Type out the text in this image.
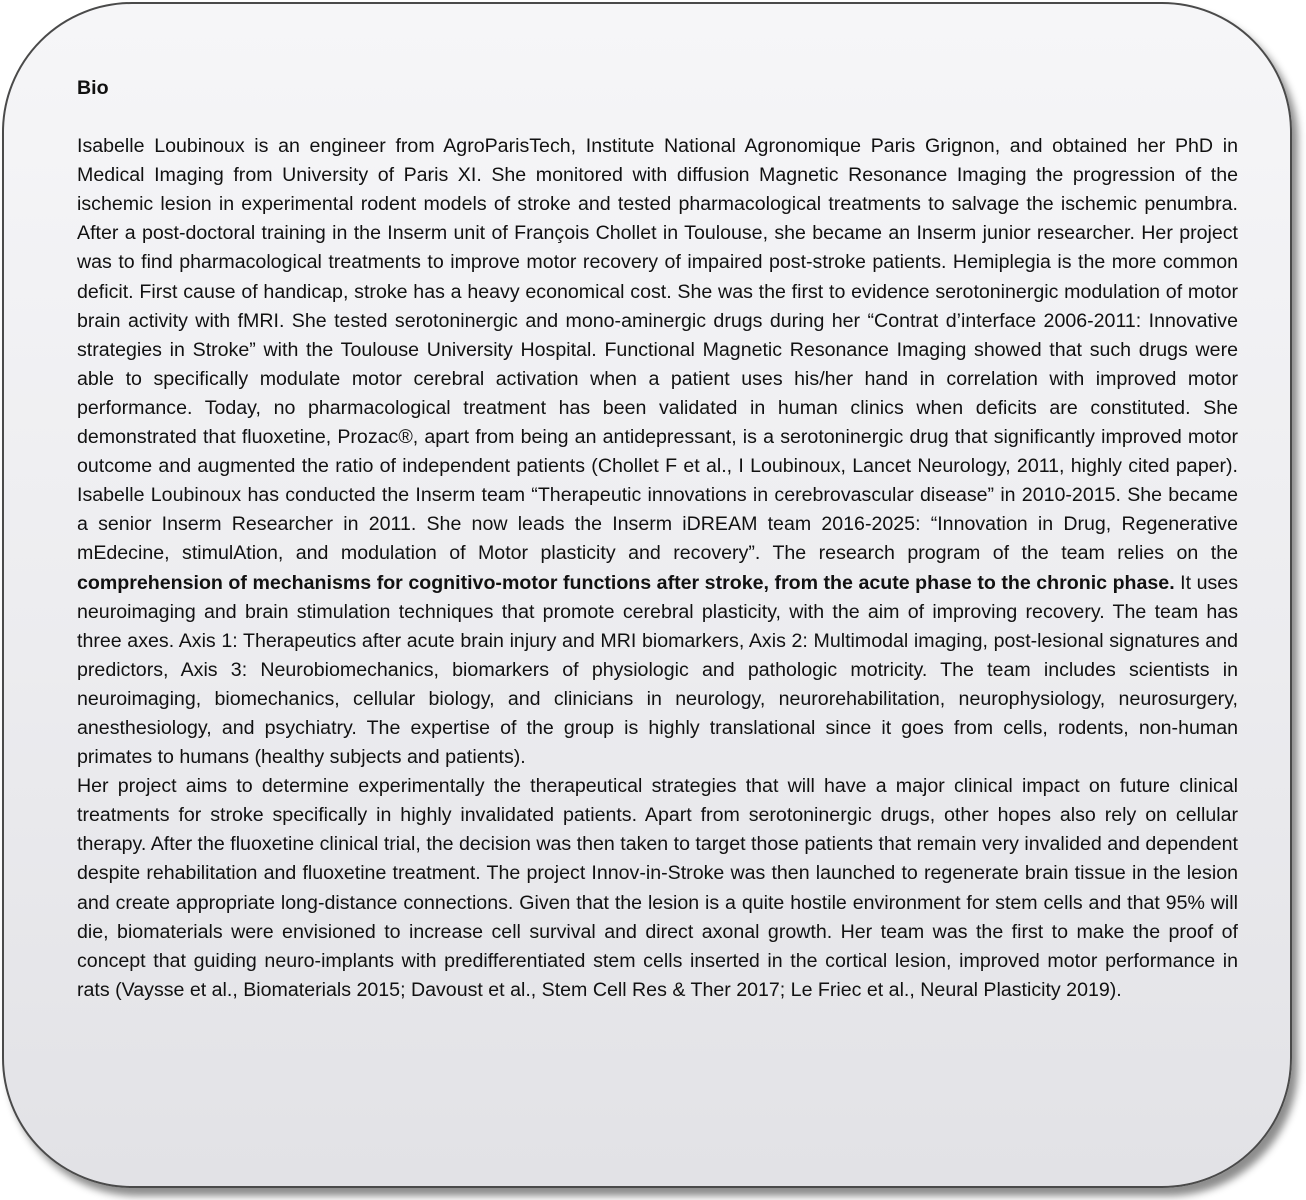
Bio

Isabelle Loubinoux is an engineer from AgroParisTech, Institute National Agronomique Paris Grignon, and obtained her PhD in Medical Imaging from University of Paris XI. She monitored with diffusion Magnetic Resonance Imaging the progression of the ischemic lesion in experimental rodent models of stroke and tested pharmacological treatments to salvage the ischemic penumbra. After a post-doctoral training in the Inserm unit of François Chollet in Toulouse, she became an Inserm junior researcher. Her project was to find pharmacological treatments to improve motor recovery of impaired post-stroke patients. Hemiplegia is the more common deficit. First cause of handicap, stroke has a heavy economical cost. She was the first to evidence serotoninergic modulation of motor brain activity with fMRI. She tested serotoninergic and mono-aminergic drugs during her “Contrat d’interface 2006-2011: Innovative strategies in Stroke” with the Toulouse University Hospital. Functional Magnetic Resonance Imaging showed that such drugs were able to specifically modulate motor cerebral activation when a patient uses his/her hand in correlation with improved motor performance. Today, no pharmacological treatment has been validated in human clinics when deficits are constituted. She demonstrated that fluoxetine, Prozac®, apart from being an antidepressant, is a serotoninergic drug that significantly improved motor outcome and augmented the ratio of independent patients (Chollet F et al., I Loubinoux, Lancet Neurology, 2011, highly cited paper). Isabelle Loubinoux has conducted the Inserm team “Therapeutic innovations in cerebrovascular disease” in 2010-2015. She became a senior Inserm Researcher in 2011. She now leads the Inserm iDREAM team 2016-2025: “Innovation in Drug, Regenerative mEdecine, stimulAtion, and modulation of Motor plasticity and recovery”. The research program of the team relies on the comprehension of mechanisms for cognitivo-motor functions after stroke, from the acute phase to the chronic phase. It uses neuroimaging and brain stimulation techniques that promote cerebral plasticity, with the aim of improving recovery. The team has three axes. Axis 1: Therapeutics after acute brain injury and MRI biomarkers, Axis 2: Multimodal imaging, post-lesional signatures and predictors, Axis 3: Neurobiomechanics, biomarkers of physiologic and pathologic motricity. The team includes scientists in neuroimaging, biomechanics, cellular biology, and clinicians in neurology, neurorehabilitation, neurophysiology, neurosurgery, anesthesiology, and psychiatry. The expertise of the group is highly translational since it goes from cells, rodents, non-human primates to humans (healthy subjects and patients).

Her project aims to determine experimentally the therapeutical strategies that will have a major clinical impact on future clinical treatments for stroke specifically in highly invalidated patients. Apart from serotoninergic drugs, other hopes also rely on cellular therapy. After the fluoxetine clinical trial, the decision was then taken to target those patients that remain very invalided and dependent despite rehabilitation and fluoxetine treatment. The project Innov-in-Stroke was then launched to regenerate brain tissue in the lesion and create appropriate long-distance connections. Given that the lesion is a quite hostile environment for stem cells and that 95% will die, biomaterials were envisioned to increase cell survival and direct axonal growth. Her team was the first to make the proof of concept that guiding neuro-implants with predifferentiated stem cells inserted in the cortical lesion, improved motor performance in rats (Vaysse et al., Biomaterials 2015; Davoust et al., Stem Cell Res & Ther 2017; Le Friec et al., Neural Plasticity 2019).
